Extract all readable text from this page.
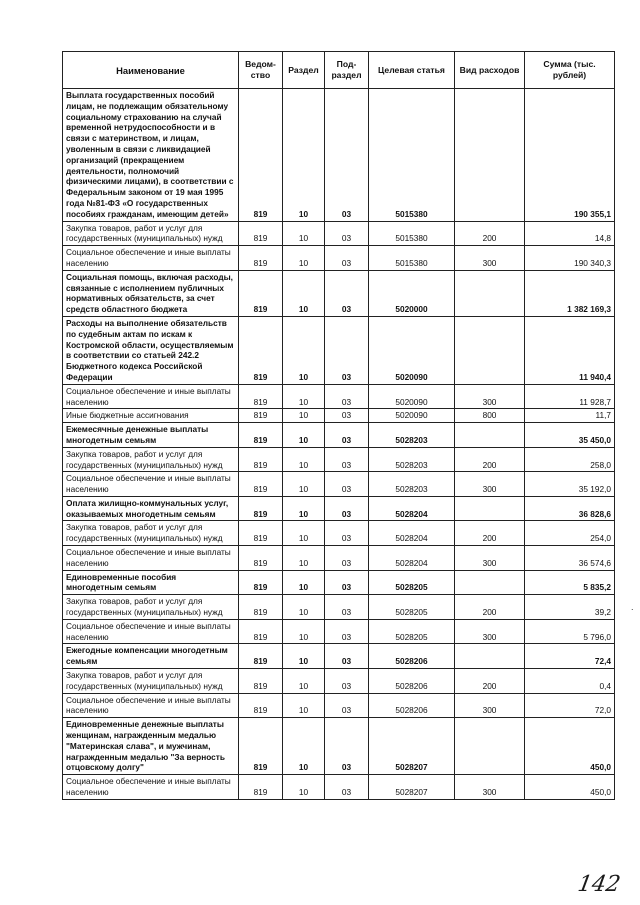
Наименование	Ведом-ство	Раздел	Под-раздел	Целевая статья	Вид расходов	Сумма (тыс. рублей)
Выплата государственных пособий лицам, не подлежащим обязательному социальному страхованию на случай временной нетрудоспособности и в связи с материнством, и лицам, уволенным в связи с ликвидацией организаций (прекращением деятельности, полномочий физическими лицами), в соответствии с Федеральным законом от 19 мая 1995 года №81-ФЗ «О государственных пособиях гражданам, имеющим детей»	819	10	03	5015380		190 355,1
Закупка товаров, работ и услуг для государственных (муниципальных) нужд	819	10	03	5015380	200	14,8
Социальное обеспечение и иные выплаты населению	819	10	03	5015380	300	190 340,3
Социальная помощь, включая расходы, связанные с исполнением публичных нормативных обязательств, за счет средств областного бюджета	819	10	03	5020000		1 382 169,3
Расходы на выполнение обязательств по судебным актам по искам к Костромской области, осуществляемым в соответствии со статьей 242.2 Бюджетного кодекса Российской Федерации	819	10	03	5020090		11 940,4
Социальное обеспечение и иные выплаты населению	819	10	03	5020090	300	11 928,7
Иные бюджетные ассигнования	819	10	03	5020090	800	11,7
Ежемесячные денежные выплаты многодетным семьям	819	10	03	5028203		35 450,0
Закупка товаров, работ и услуг для государственных (муниципальных) нужд	819	10	03	5028203	200	258,0
Социальное обеспечение и иные выплаты населению	819	10	03	5028203	300	35 192,0
Оплата жилищно-коммунальных услуг, оказываемых многодетным семьям	819	10	03	5028204		36 828,6
Закупка товаров, работ и услуг для государственных (муниципальных) нужд	819	10	03	5028204	200	254,0
Социальное обеспечение и иные выплаты населению	819	10	03	5028204	300	36 574,6
Единовременные пособия многодетным семьям	819	10	03	5028205		5 835,2
Закупка товаров, работ и услуг для государственных (муниципальных) нужд	819	10	03	5028205	200	39,2
Социальное обеспечение и иные выплаты населению	819	10	03	5028205	300	5 796,0
Ежегодные компенсации многодетным семьям	819	10	03	5028206		72,4
Закупка товаров, работ и услуг для государственных (муниципальных) нужд	819	10	03	5028206	200	0,4
Социальное обеспечение и иные выплаты населению	819	10	03	5028206	300	72,0
Единовременные денежные выплаты женщинам, награжденным медалью "Материнская слава", и мужчинам, награжденным медалью "За верность отцовскому долгу"	819	10	03	5028207		450,0
Социальное обеспечение и иные выплаты населению	819	10	03	5028207	300	450,0
142
.
